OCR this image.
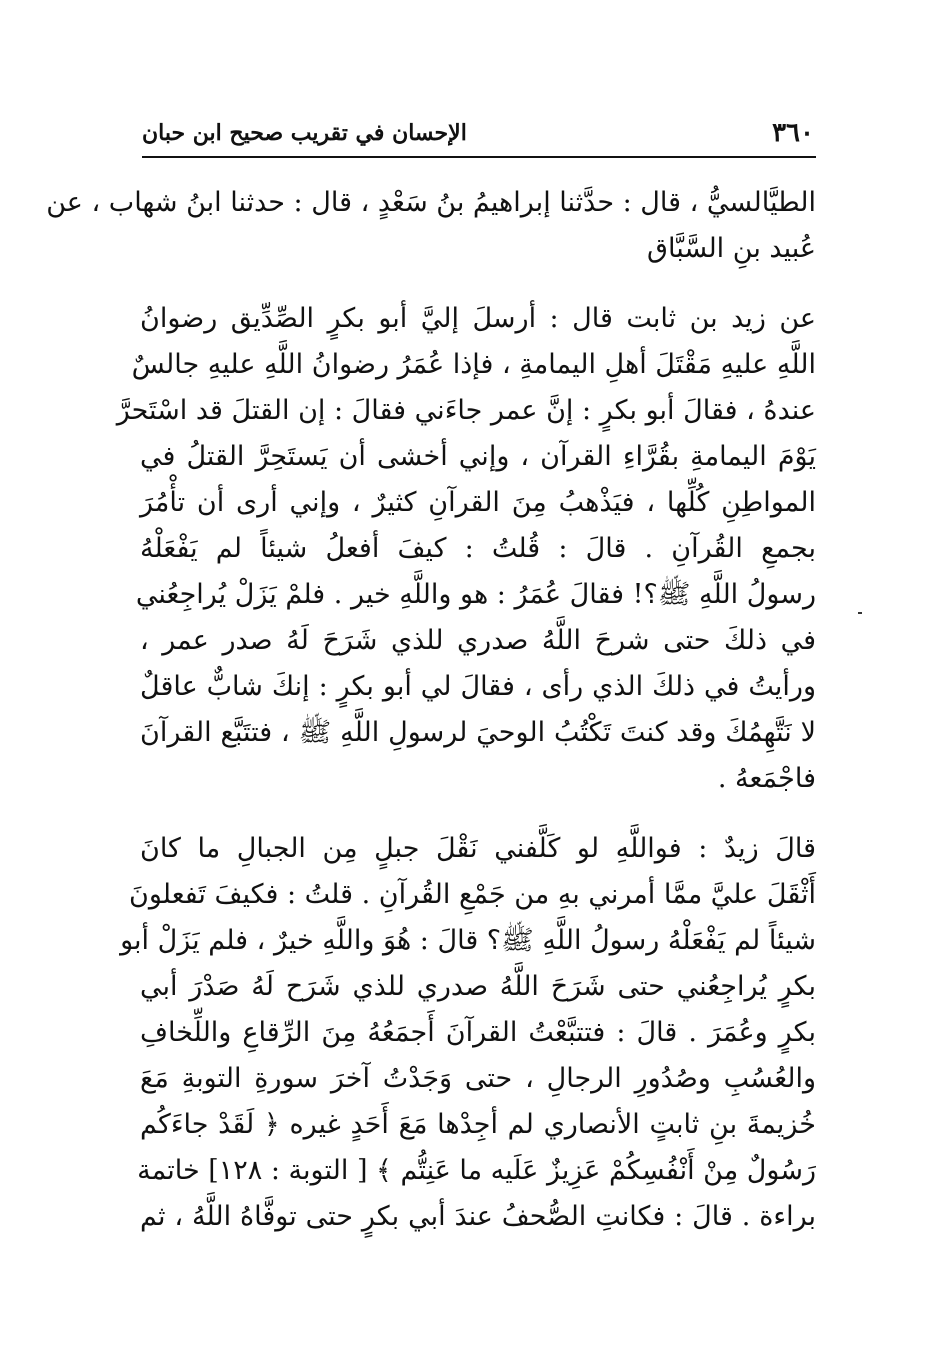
٣٦٠
الإحسان في تقريب صحيح ابن حبان
الطيَّالسيُّ ، قال : حدَّثنا إبراهيمُ بنُ سَعْدٍ ، قال : حدثنا ابنُ شهاب ، عن
عُبيد بنِ السَّبَّاق
عن زيد بن ثابت قال : أرسلَ إليَّ أبو بكرٍ الصِّدِّيق رضوانُ
اللَّهِ عليهِ مَقْتَلَ أهلِ اليمامةِ ، فإذا عُمَرُ رضوانُ اللَّهِ عليهِ جالسٌ
عندهُ ، فقالَ أبو بكرٍ : إنَّ عمر جاءَني فقالَ : إن القتلَ قد اسْتَحرَّ
يَوْمَ اليمامةِ بقُرَّاءِ القرآن ، وإني أخشى أن يَستَحِرَّ القتلُ في
المواطِنِ كُلِّها ، فيَذْهبُ مِنَ القرآنِ كثيرٌ ، وإني أرى أن تأْمُرَ
بجمعِ القُرآنِ . قالَ : قُلتُ : كيفَ أفعلُ شيئاً لم يَفْعَلْهُ
رسولُ اللَّهِ ﷺ؟! فقالَ عُمَرُ : هو واللَّهِ خير . فلمْ يَزَلْ يُراجِعُني
في ذلكَ حتى شرحَ اللَّهُ صدري للذي شَرَحَ لَهُ صدر عمر ،
ورأيتُ في ذلكَ الذي رأى ، فقالَ لي أبو بكرٍ : إنكَ شابٌّ عاقلٌ
لا نَتَّهِمُكَ وقد كنتَ تَكْتُبُ الوحيَ لرسولِ اللَّهِ ﷺ ، فتتَبَّع القرآنَ
فاجْمَعهُ .
قالَ زيدٌ : فواللَّهِ لو كَلَّفني نَقْلَ جبلٍ مِن الجبالِ ما كانَ
أَثْقَلَ عليَّ ممَّا أمرني بهِ من جَمْعِ القُرآنِ . قلتُ : فكيفَ تَفعلونَ
شيئاً لم يَفْعَلْهُ رسولُ اللَّهِ ﷺ؟ قالَ : هُوَ واللَّهِ خيرٌ ، فلم يَزَلْ أبو
بكرٍ يُراجِعُني حتى شَرَحَ اللَّهُ صدري للذي شَرَح لَهُ صَدْرَ أبي
بكرٍ وعُمَرَ . قالَ : فتتبَّعْتُ القرآنَ أَجمَعُهُ مِنَ الرِّقاعِ واللِّخافِ
والعُسُبِ وصُدُورِ الرجالِ ، حتى وَجَدْتُ آخرَ سورةِ التوبةِ مَعَ
خُزيمةَ بنِ ثابتٍ الأنصاري لم أجِدْها مَعَ أَحَدٍ غيره ﴿ لَقَدْ جاءَكُم
رَسُولٌ مِنْ أَنْفُسِكُمْ عَزِيزٌ عَلَيه ما عَنِتُّم ﴾ [ التوبة : ١٢٨] خاتمة
براءة . قالَ : فكانتِ الصُّحفُ عندَ أبي بكرٍ حتى توفَّاهُ اللَّهُ ، ثم
